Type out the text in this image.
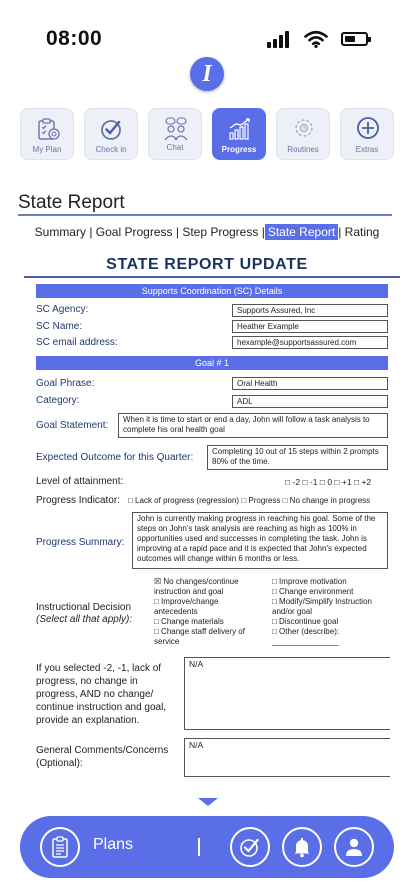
08:00
I
My Plan	Check in	Chat	Progress	Routines	Extras
State Report
Summary | Goal Progress | Step Progress | State Report | Rating
STATE REPORT UPDATE
Supports Coordination (SC) Details
SC Agency:	Supports Assured, Inc
SC Name:	Heather Example
SC email address:	hexample@supportsassured.com
Goal # 1
Goal Phrase:	Oral Health
Category:	ADL
Goal Statement:
When it is time to start or end a day, John will follow a task analysis to complete his oral health goal
Expected Outcome for this Quarter:
Completing 10 out of 15 steps within 2 prompts 80% of the time.
Level of attainment:	□ -2 □ -1 □ 0 □ +1 □ +2
Progress Indicator: □ Lack of progress (regression) □ Progress □ No change in progress
Progress Summary:
John is currently making progress in reaching his goal. Some of the steps on John's task analysis are reaching as high as 100% in opportunities used and successes in completing the task. John is improving at a rapid pace and it is expected that John's expected outcomes will change within 6 months or less.
Instructional Decision
(Select all that apply):
☒ No changes/continue
instruction and goal
□ Improve/change
antecedents
□ Change materials
□ Change staff delivery of
service
□ Improve motivation
□ Change environment
□ Modify/Simplify Instruction
and/or goal
□ Discontinue goal
□ Other (describe):
_______________
If you selected -2, -1, lack of progress, no change in progress, AND no change/ continue instruction and goal, provide an explanation.
N/A
General Comments/Concerns
(Optional):
N/A
Plans
